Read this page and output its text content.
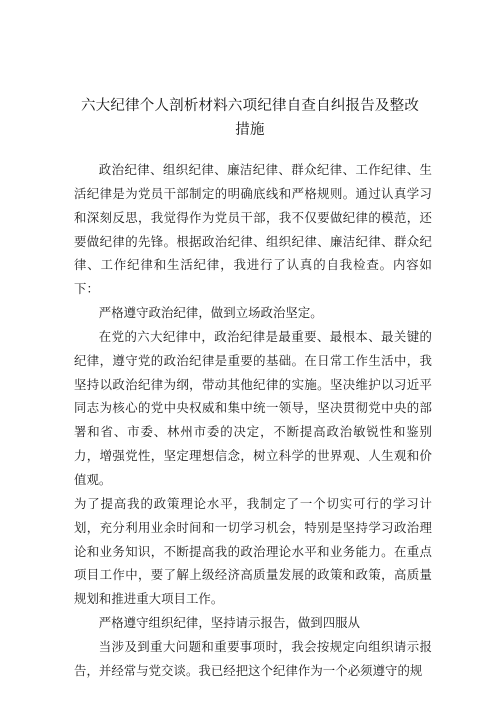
六大纪律个人剖析材料六项纪律自查自纠报告及整改
措施

政治纪律、组织纪律、廉洁纪律、群众纪律、工作纪律、生活纪律是为党员干部制定的明确底线和严格规则。通过认真学习和深刻反思，我觉得作为党员干部，我不仅要做纪律的模范，还要做纪律的先锋。根据政治纪律、组织纪律、廉洁纪律、群众纪律、工作纪律和生活纪律，我进行了认真的自我检查。内容如下：

严格遵守政治纪律，做到立场政治坚定。

在党的六大纪律中，政治纪律是最重要、最根本、最关键的纪律，遵守党的政治纪律是重要的基础。在日常工作生活中，我坚持以政治纪律为纲，带动其他纪律的实施。坚决维护以习近平同志为核心的党中央权威和集中统一领导，坚决贯彻党中央的部署和省、市委、林州市委的决定，不断提高政治敏锐性和鉴别力，增强党性，坚定理想信念，树立科学的世界观、人生观和价值观。

为了提高我的政策理论水平，我制定了一个切实可行的学习计划，充分利用业余时间和一切学习机会，特别是坚持学习政治理论和业务知识，不断提高我的政治理论水平和业务能力。在重点项目工作中，要了解上级经济高质量发展的政策和政策，高质量规划和推进重大项目工作。

严格遵守组织纪律，坚持请示报告，做到四服从

当涉及到重大问题和重要事项时，我会按规定向组织请示报告，并经常与党交谈。我已经把这个纪律作为一个必须遵守的规
